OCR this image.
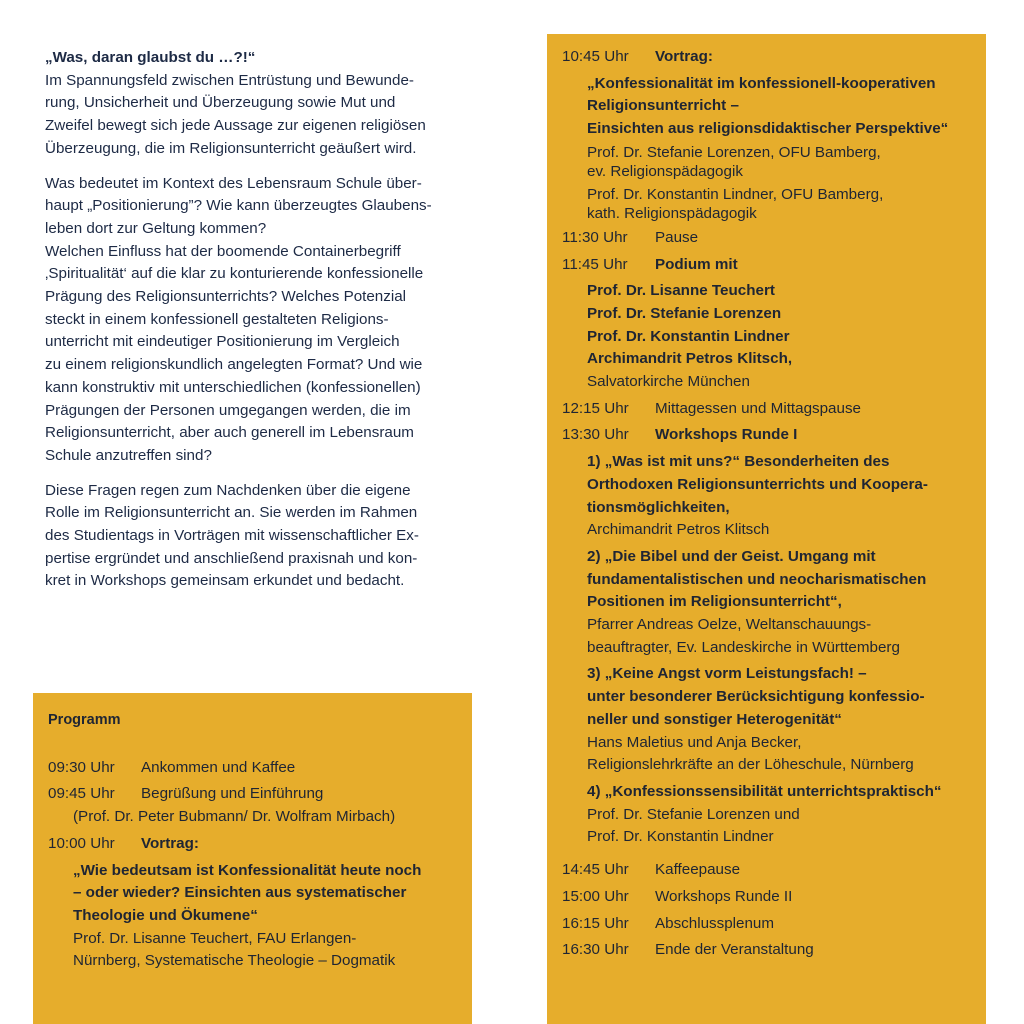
„Was, daran glaubst du …?!“
Im Spannungsfeld zwischen Entrüstung und Bewunde-
rung, Unsicherheit und Überzeugung sowie Mut und
Zweifel bewegt sich jede Aussage zur eigenen religiösen
Überzeugung, die im Religionsunterricht geäußert wird.

Was bedeutet im Kontext des Lebensraum Schule über-
haupt „Positionierung”? Wie kann überzeugtes Glaubens-
leben dort zur Geltung kommen?
Welchen Einfluss hat der boomende Containerbegriff
‚Spiritualität‘ auf die klar zu konturierende konfessionelle
Prägung des Religionsunterrichts? Welches Potenzial
steckt in einem konfessionell gestalteten Religions-
unterricht mit eindeutiger Positionierung im Vergleich
zu einem religionskundlich angelegten Format? Und wie
kann konstruktiv mit unterschiedlichen (konfessionellen)
Prägungen der Personen umgegangen werden, die im
Religionsunterricht, aber auch generell im Lebensraum
Schule anzutreffen sind?

Diese Fragen regen zum Nachdenken über die eigene
Rolle im Religionsunterricht an. Sie werden im Rahmen
des Studientags in Vorträgen mit wissenschaftlicher Ex-
pertise ergründet und anschließend praxisnah und kon-
kret in Workshops gemeinsam erkundet und bedacht.

Programm
09:30 Uhr	Ankommen und Kaffee
09:45 Uhr	Begrüßung und Einführung
(Prof. Dr. Peter Bubmann/ Dr. Wolfram Mirbach)
10:00 Uhr	Vortrag:
„Wie bedeutsam ist Konfessionalität heute noch
– oder wieder? Einsichten aus systematischer
Theologie und Ökumene“
Prof. Dr. Lisanne Teuchert, FAU Erlangen-
Nürnberg, Systematische Theologie – Dogmatik
10:45 Uhr	Vortrag:
„Konfessionalität im konfessionell-kooperativen
Religionsunterricht –
Einsichten aus religionsdidaktischer Perspektive“
Prof. Dr. Stefanie Lorenzen, OFU Bamberg,
ev. Religionspädagogik
Prof. Dr. Konstantin Lindner, OFU Bamberg,
kath. Religionspädagogik
11:30 Uhr	Pause
11:45 Uhr	Podium mit
Prof. Dr. Lisanne Teuchert
Prof. Dr. Stefanie Lorenzen
Prof. Dr. Konstantin Lindner
Archimandrit Petros Klitsch,
Salvatorkirche München
12:15 Uhr	Mittagessen und Mittagspause
13:30 Uhr	Workshops Runde I
1) „Was ist mit uns?“ Besonderheiten des
Orthodoxen Religionsunterrichts und Koopera-
tionsmöglichkeiten,
Archimandrit Petros Klitsch
2) „Die Bibel und der Geist. Umgang mit
fundamentalistischen und neocharismatischen
Positionen im Religionsunterricht“,
Pfarrer Andreas Oelze, Weltanschauungs-
beauftragter, Ev. Landeskirche in Württemberg
3) „Keine Angst vorm Leistungsfach! –
unter besonderer Berücksichtigung konfessio-
neller und sonstiger Heterogenität“
Hans Maletius und Anja Becker,
Religionslehrkräfte an der Löheschule, Nürnberg
4) „Konfessionssensibilität unterrichtspraktisch“
Prof. Dr. Stefanie Lorenzen und
Prof. Dr. Konstantin Lindner
14:45 Uhr	Kaffeepause
15:00 Uhr	Workshops Runde II
16:15 Uhr	Abschlussplenum
16:30 Uhr	Ende der Veranstaltung
